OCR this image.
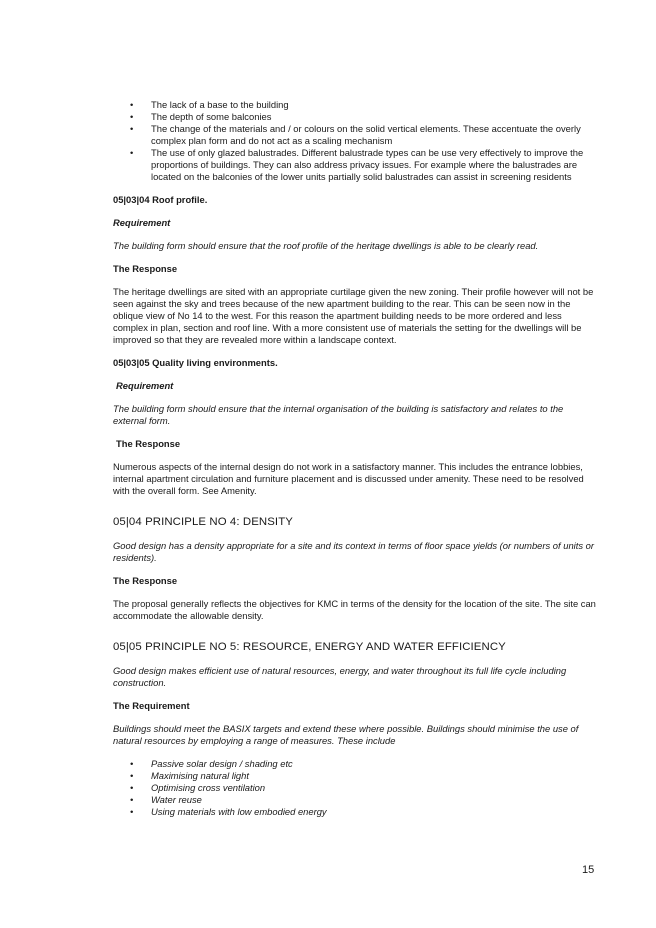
• The lack of a base to the building
• The depth of some balconies
• The change of the materials and / or colours on the solid vertical elements. These accentuate the overly complex plan form and do not act as a scaling mechanism
• The use of only glazed balustrades. Different balustrade types can be use very effectively to improve the proportions of buildings. They can also address privacy issues. For example where the balustrades are located on the balconies of the lower units partially solid balustrades can assist in screening residents

05|03|04 Roof profile.

Requirement

The building form should ensure that the roof profile of the heritage dwellings is able to be clearly read.

The Response

The heritage dwellings are sited with an appropriate curtilage given the new zoning. Their profile however will not be seen against the sky and trees because of the new apartment building to the rear. This can be seen now in the oblique view of No 14 to the west. For this reason the apartment building needs to be more ordered and less complex in plan, section and roof line. With a more consistent use of materials the setting for the dwellings will be improved so that they are revealed more within a landscape context.

05|03|05 Quality living environments.

Requirement

The building form should ensure that the internal organisation of the building is satisfactory and relates to the external form.

The Response

Numerous aspects of the internal design do not work in a satisfactory manner. This includes the entrance lobbies, internal apartment circulation and furniture placement and is discussed under amenity. These need to be resolved with the overall form. See Amenity.

05|04 PRINCIPLE NO 4: DENSITY

Good design has a density appropriate for a site and its context in terms of floor space yields (or numbers of units or residents).

The Response

The proposal generally reflects the objectives for KMC in terms of the density for the location of the site. The site can accommodate the allowable density.

05|05 PRINCIPLE NO 5: RESOURCE, ENERGY AND WATER EFFICIENCY

Good design makes efficient use of natural resources, energy, and water throughout its full life cycle including construction.

The Requirement

Buildings should meet the BASIX targets and extend these where possible. Buildings should minimise the use of natural resources by employing a range of measures. These include

• Passive solar design / shading etc
• Maximising natural light
• Optimising cross ventilation
• Water reuse
• Using materials with low embodied energy
15
